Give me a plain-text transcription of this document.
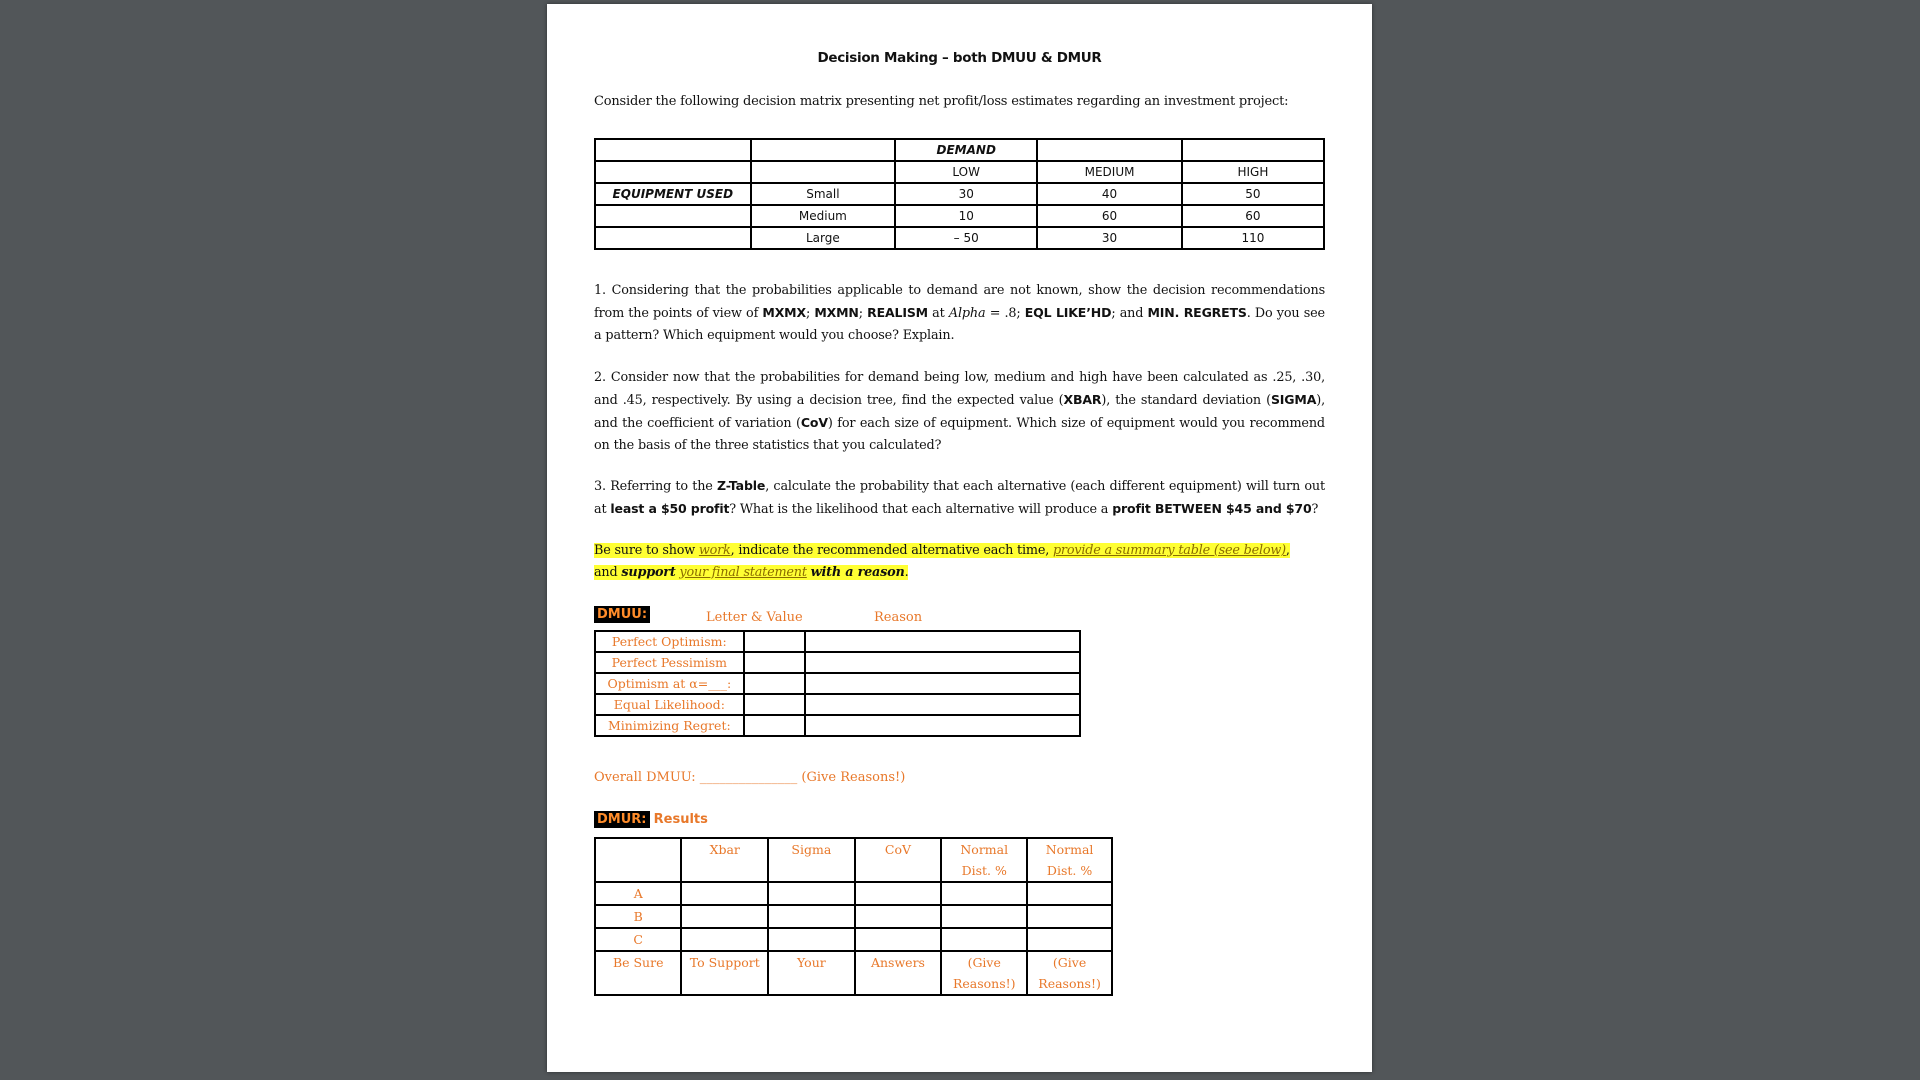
Decision Making – both DMUU & DMUR
Consider the following decision matrix presenting net profit/loss estimates regarding an investment project:
		DEMAND		
		LOW	MEDIUM	HIGH
EQUIPMENT USED	Small	30	40	50
	Medium	10	60	60
	Large	– 50	30	110
1. Considering that the probabilities applicable to demand are not known, show the decision recommendations from the points of view of MXMX; MXMN; REALISM at Alpha = .8; EQL LIKE’HD; and MIN. REGRETS. Do you see a pattern? Which equipment would you choose? Explain.
2. Consider now that the probabilities for demand being low, medium and high have been calculated as .25, .30, and .45, respectively. By using a decision tree, find the expected value (XBAR), the standard deviation (SIGMA), and the coefficient of variation (CoV) for each size of equipment. Which size of equipment would you recommend on the basis of the three statistics that you calculated?
3. Referring to the Z-Table, calculate the probability that each alternative (each different equipment) will turn out at least a $50 profit? What is the likelihood that each alternative will produce a profit BETWEEN $45 and $70?
Be sure to show work, indicate the recommended alternative each time, provide a summary table (see below),
and support your final statement with a reason.
DMUU:	Letter & Value	Reason
Perfect Optimism:		
Perfect Pessimism		
Optimism at α=___:		
Equal Likelihood:		
Minimizing Regret:		
Overall DMUU: _______________ (Give Reasons!)
DMUR: Results
	Xbar	Sigma	CoV	Normal Dist. %	Normal Dist. %
A					
B					
C					
Be Sure	To Support	Your	Answers	(Give Reasons!)	(Give Reasons!)
